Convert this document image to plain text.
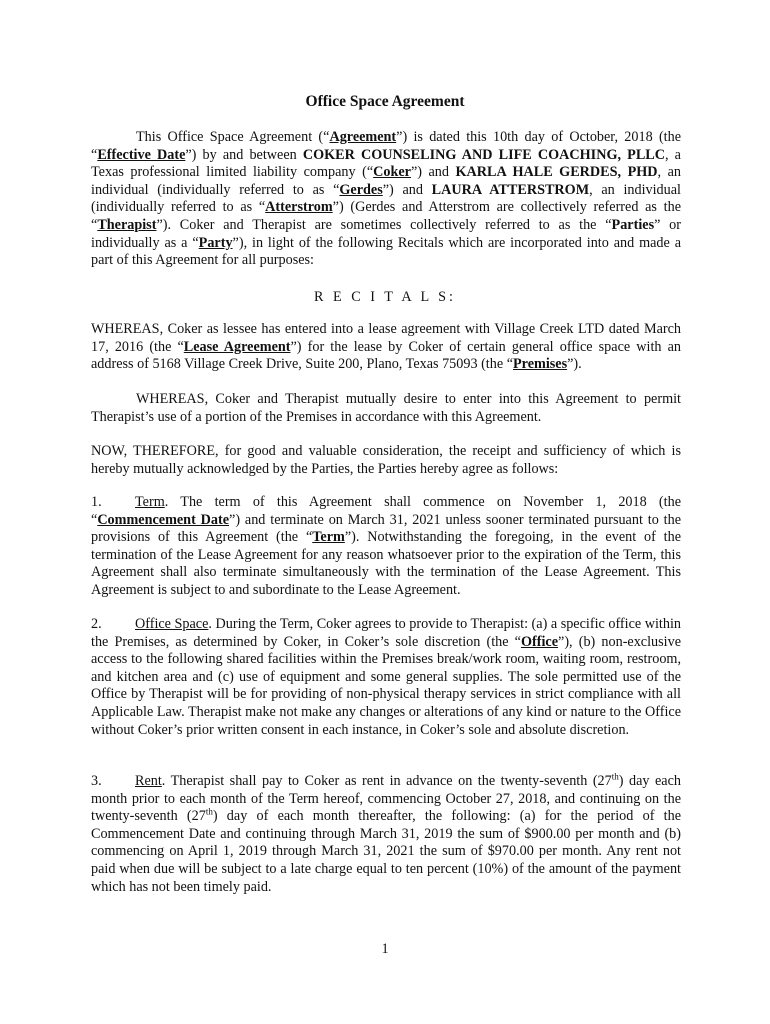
Office Space Agreement

This Office Space Agreement (“Agreement”) is dated this 10th day of October, 2018 (the “Effective Date”) by and between COKER COUNSELING AND LIFE COACHING, PLLC, a Texas professional limited liability company (“Coker”) and KARLA HALE GERDES, PHD, an individual (individually referred to as “Gerdes”) and LAURA ATTERSTROM, an individual (individually referred to as “Atterstrom”) (Gerdes and Atterstrom are collectively referred as the “Therapist”). Coker and Therapist are sometimes collectively referred to as the “Parties” or individually as a “Party”), in light of the following Recitals which are incorporated into and made a part of this Agreement for all purposes:

R E C I T A L S:

WHEREAS, Coker as lessee has entered into a lease agreement with Village Creek LTD dated March 17, 2016 (the “Lease Agreement”) for the lease by Coker of certain general office space with an address of 5168 Village Creek Drive, Suite 200, Plano, Texas 75093 (the “Premises”).

WHEREAS, Coker and Therapist mutually desire to enter into this Agreement to permit Therapist’s use of a portion of the Premises in accordance with this Agreement.

NOW, THEREFORE, for good and valuable consideration, the receipt and sufficiency of which is hereby mutually acknowledged by the Parties, the Parties hereby agree as follows:

1. Term. The term of this Agreement shall commence on November 1, 2018 (the “Commencement Date”) and terminate on March 31, 2021 unless sooner terminated pursuant to the provisions of this Agreement (the “Term”). Notwithstanding the foregoing, in the event of the termination of the Lease Agreement for any reason whatsoever prior to the expiration of the Term, this Agreement shall also terminate simultaneously with the termination of the Lease Agreement. This Agreement is subject to and subordinate to the Lease Agreement.

2. Office Space. During the Term, Coker agrees to provide to Therapist: (a) a specific office within the Premises, as determined by Coker, in Coker’s sole discretion (the “Office”), (b) non-exclusive access to the following shared facilities within the Premises break/work room, waiting room, restroom, and kitchen area and (c) use of equipment and some general supplies. The sole permitted use of the Office by Therapist will be for providing of non-physical therapy services in strict compliance with all Applicable Law. Therapist make not make any changes or alterations of any kind or nature to the Office without Coker’s prior written consent in each instance, in Coker’s sole and absolute discretion.

3. Rent. Therapist shall pay to Coker as rent in advance on the twenty-seventh (27th) day each month prior to each month of the Term hereof, commencing October 27, 2018, and continuing on the twenty-seventh (27th) day of each month thereafter, the following: (a) for the period of the Commencement Date and continuing through March 31, 2019 the sum of $900.00 per month and (b) commencing on April 1, 2019 through March 31, 2021 the sum of $970.00 per month. Any rent not paid when due will be subject to a late charge equal to ten percent (10%) of the amount of the payment which has not been timely paid.

1
